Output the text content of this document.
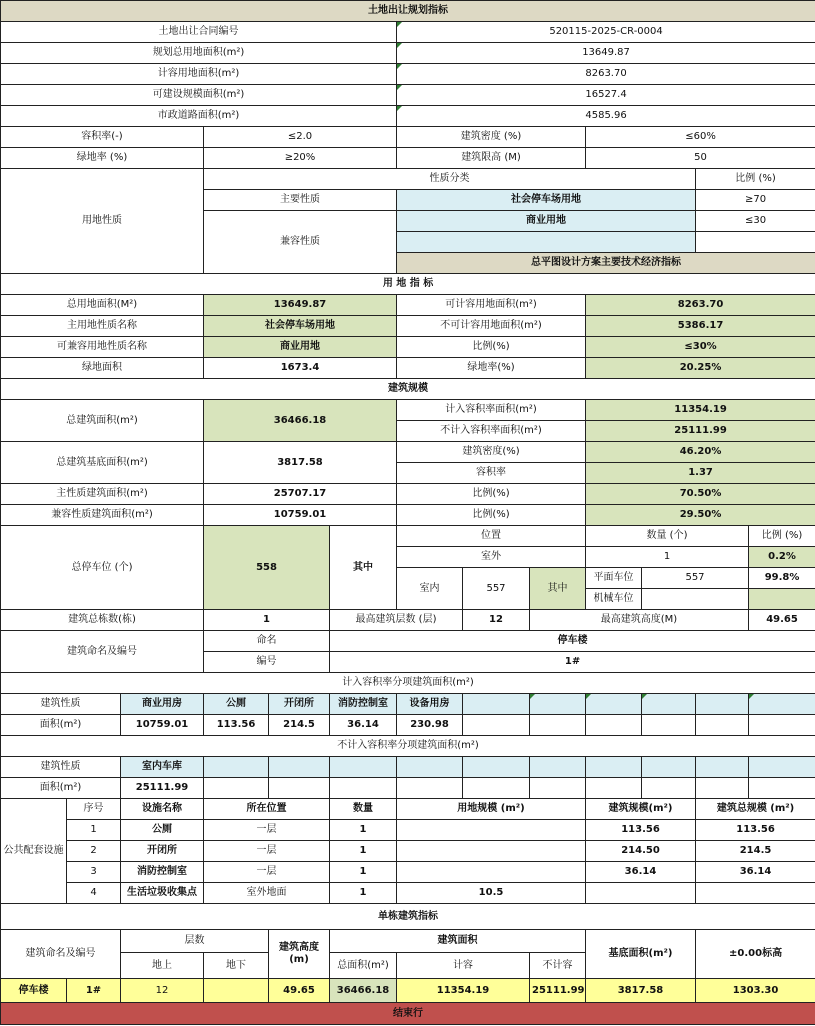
土地出让规划指标												
土地出让合同编号						520115-2025-CR-0004						
规划总用地面积(m²)						13649.87						
计容用地面积(m²)						8263.70						
可建设规模面积(m²)						16527.4						
市政道路面积(m²)						4585.96						
容积率(-)			≤2.0			建筑密度 (%)			≤60%			
绿地率 (%)			≥20%			建筑限高 (M)			50			
用地性质			性质分类								比例 (%)	
			主要性质			社会停车场用地					≥70	
			兼容性质			商业用地					≤30	

						总平图设计方案主要技术经济指标						
用 地 指 标												
总用地面积(M²)			13649.87			可计容用地面积(m²)			8263.70			
主用地性质名称			社会停车场用地			不可计容用地面积(m²)			5386.17			
可兼容用地性质名称			商业用地			比例(%)			≤30%			
绿地面积			1673.4			绿地率(%)			20.25%			
建筑规模												
总建筑面积(m²)			36466.18			计入容积率面积(m²)			11354.19			
						不计入容积率面积(m²)			25111.99			
总建筑基底面积(m²)			3817.58			建筑密度(%)			46.20%			
						容积率			1.37			
主性质建筑面积(m²)			25707.17			比例(%)			70.50%			
兼容性质建筑面积(m²)			10759.01			比例(%)			29.50%			
总停车位 (个)			558		其中	位置			数量 (个)			比例 (%)
						室外			1			0.2%
						室内	557	其中	平面车位	557		99.8%
									机械车位			
建筑总栋数(栋)			1		最高建筑层数 (层)		12	最高建筑高度(M)				49.65
建筑命名及编号			命名		停车楼							
			编号		1#							
计入容积率分项建筑面积(m²)												
建筑性质		商业用房	公厕	开闭所	消防控制室	设备用房						
面积(m²)		10759.01	113.56	214.5	36.14	230.98						
不计入容积率分项建筑面积(m²)												
建筑性质		室内车库										
面积(m²)		25111.99										
公共配套设施	序号	设施名称	所在位置		数量	用地规模 (m²)			建筑规模(m²)		建筑总规模 (m²)	
	1	公厕	一层		1				113.56		113.56	
	2	开闭所	一层		1				214.50		214.5	
	3	消防控制室	一层		1				36.14		36.14	
	4	生活垃圾收集点	室外地面		1	10.5						
单栋建筑指标												
建筑命名及编号		层数		建筑高度 (m)	建筑面积				基底面积(m²)		±0.00标高	
		地上	地下		总面积(m²)	计容		不计容				
停车楼	1#	12		49.65	36466.18	11354.19		25111.99	3817.58		1303.30	
结束行												
